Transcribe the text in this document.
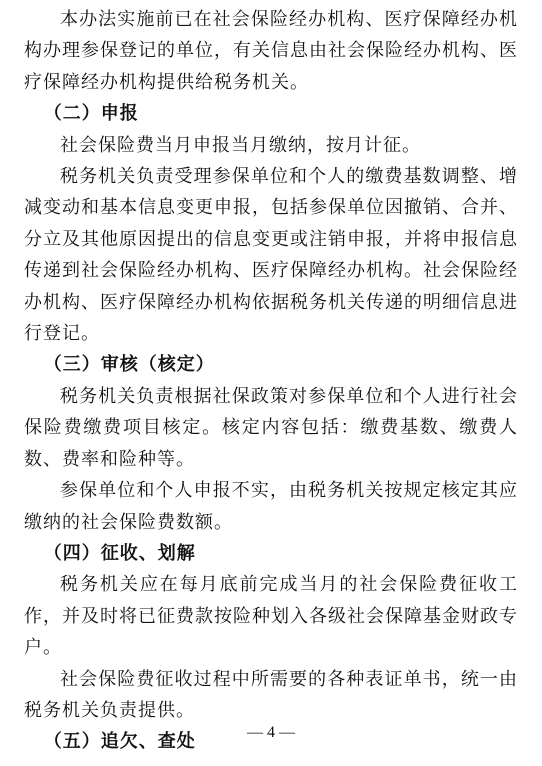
本办法实施前已在社会保险经办机构、医疗保障经办机构办理参保登记的单位，有关信息由社会保险经办机构、医疗保障经办机构提供给税务机关。

（二）申报

社会保险费当月申报当月缴纳，按月计征。

税务机关负责受理参保单位和个人的缴费基数调整、增减变动和基本信息变更申报，包括参保单位因撤销、合并、分立及其他原因提出的信息变更或注销申报，并将申报信息传递到社会保险经办机构、医疗保障经办机构。社会保险经办机构、医疗保障经办机构依据税务机关传递的明细信息进行登记。

（三）审核（核定）

税务机关负责根据社保政策对参保单位和个人进行社会保险费缴费项目核定。核定内容包括：缴费基数、缴费人数、费率和险种等。

参保单位和个人申报不实，由税务机关按规定核定其应缴纳的社会保险费数额。

（四）征收、划解

税务机关应在每月底前完成当月的社会保险费征收工作，并及时将已征费款按险种划入各级社会保障基金财政专户。

社会保险费征收过程中所需要的各种表证单书，统一由税务机关负责提供。

（五）追欠、查处	— 4 —
